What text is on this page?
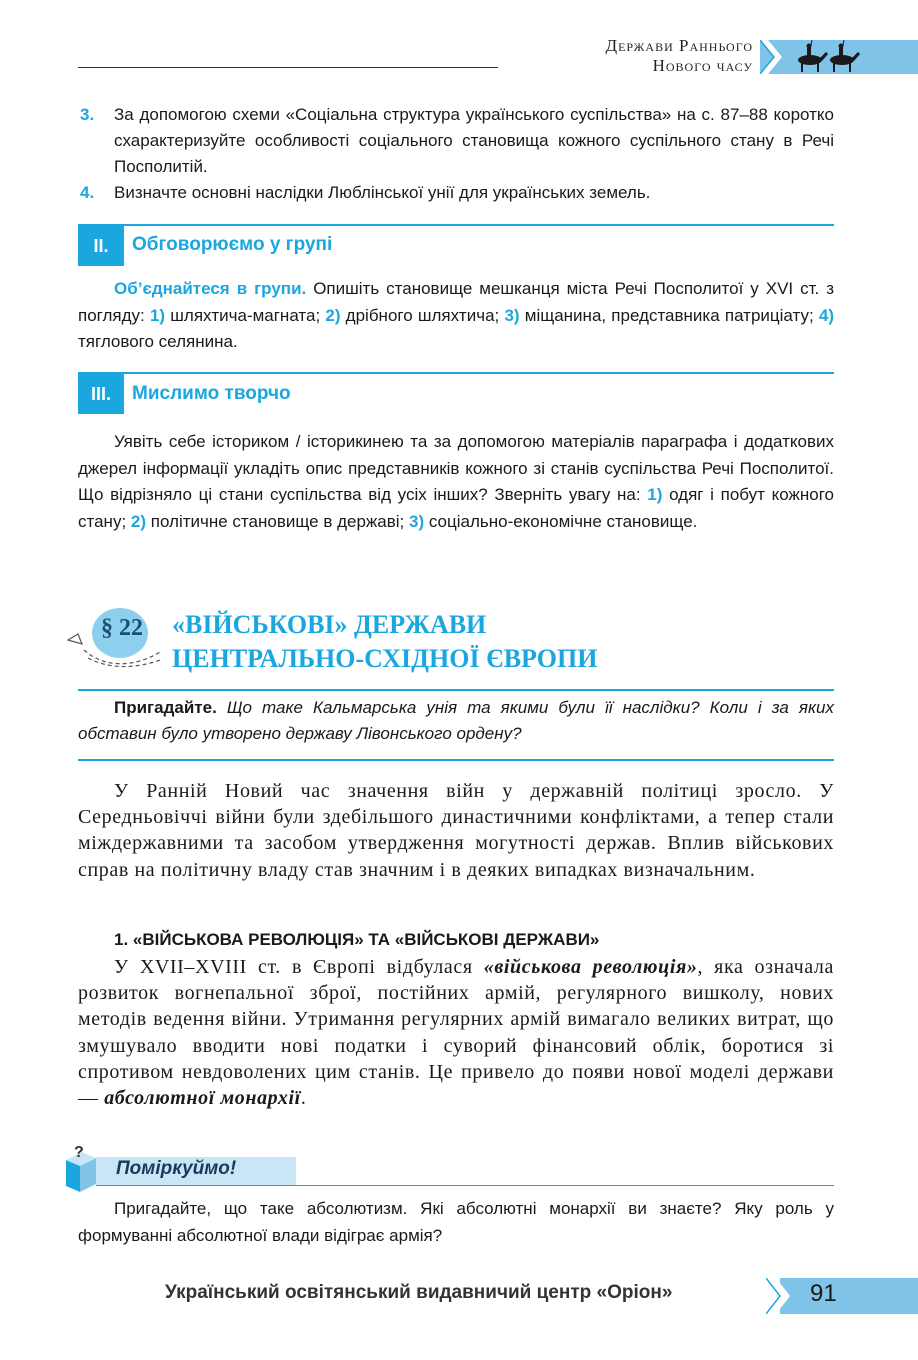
Держави Раннього
Нового часу
3. За допомогою схеми «Соціальна структура українського суспільства» на с. 87–88 коротко схарактеризуйте особливості соціального становища кожного суспільного стану в Речі Посполитій.
4. Визначте основні наслідки Люблінської унії для українських земель.
II.	Обговорюємо у групі
Об’єднайтеся в групи. Опишіть становище мешканця міста Речі Посполитої у XVI ст. з погляду: 1) шляхтича-магната; 2) дрібного шляхтича; 3) міщанина, представника патриціату; 4) тяглового селянина.
III.	Мислимо творчо
Уявіть себе істориком / історикинею та за допомогою матеріалів параграфа і додаткових джерел інформації укладіть опис представників кожного зі станів суспільства Речі Посполитої. Що відрізняло ці стани суспільства від усіх інших? Зверніть увагу на: 1) одяг і побут кожного стану; 2) політичне становище в державі; 3) соціально-економічне становище.
§ 22	«ВІЙСЬКОВІ» ДЕРЖАВИ
ЦЕНТРАЛЬНО-СХІДНОЇ ЄВРОПИ
Пригадайте. Що таке Кальмарська унія та якими були її наслідки? Коли і за яких обставин було утворено державу Лівонського ордену?
У Ранній Новий час значення війн у державній політиці зросло. У Середньовіччі війни були здебільшого династичними конфліктами, а тепер стали міждержавними та засобом утвердження могутності держав. Вплив військових справ на політичну владу став значним і в деяких випадках визначальним.
1. «ВІЙСЬКОВА РЕВОЛЮЦІЯ» ТА «ВІЙСЬКОВІ ДЕРЖАВИ»
У XVII–XVIII ст. в Європі відбулася «військова революція», яка означала розвиток вогнепальної зброї, постійних армій, регулярного вишколу, нових методів ведення війни. Утримання регулярних армій вимагало великих витрат, що змушувало вводити нові податки і суворий фінансовий облік, боротися зі спротивом невдоволених цим станів. Це привело до появи нової моделі держави — абсолютної монархії.
?
Поміркуймо!
Пригадайте, що таке абсолютизм. Які абсолютні монархії ви знаєте? Яку роль у формуванні абсолютної влади відіграє армія?
Український освітянський видавничий центр «Оріон»	91
